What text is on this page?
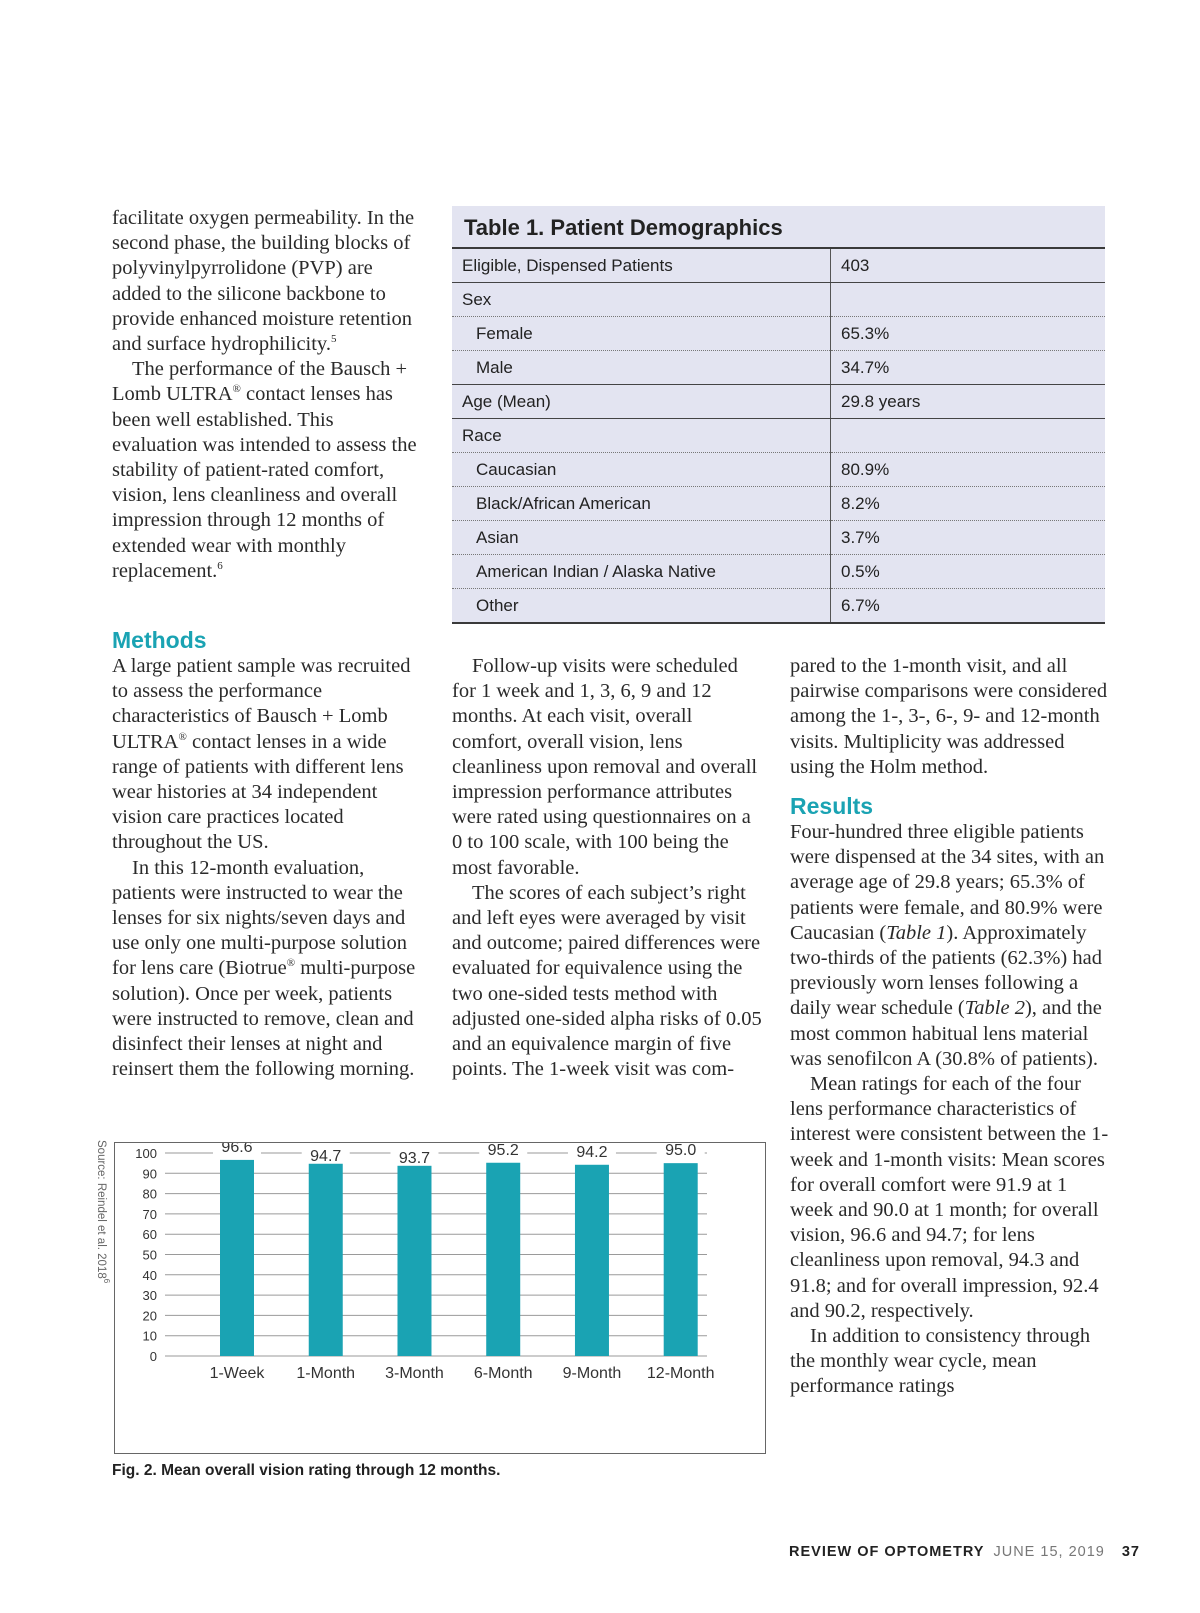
facilitate oxygen permeability. In the second phase, the building blocks of polyvinylpyrrolidone (PVP) are added to the silicone backbone to provide enhanced moisture retention and surface hydrophilicity.$^5$

The performance of the Bausch + Lomb ULTRA® contact lenses has been well established. This evaluation was intended to assess the stability of patient-rated comfort, vision, lens cleanliness and overall impression through 12 months of extended wear with monthly replacement.$^6$

Methods

A large patient sample was recruited to assess the performance characteristics of Bausch + Lomb ULTRA® contact lenses in a wide range of patients with different lens wear histories at 34 independent vision care practices located throughout the US.

In this 12-month evaluation, patients were instructed to wear the lenses for six nights/seven days and use only one multi-purpose solution for lens care (Biotrue® multi-purpose solution). Once per week, patients were instructed to remove, clean and disinfect their lenses at night and reinsert them the following morning.

Table 1. Patient Demographics
Eligible, Dispensed Patients	403
Sex	
Female	65.3%
Male	34.7%
Age (Mean)	29.8 years
Race	
Caucasian	80.9%
Black/African American	8.2%
Asian	3.7%
American Indian / Alaska Native	0.5%
Other	6.7%

Follow-up visits were scheduled for 1 week and 1, 3, 6, 9 and 12 months. At each visit, overall comfort, overall vision, lens cleanliness upon removal and overall impression performance attributes were rated using questionnaires on a 0 to 100 scale, with 100 being the most favorable.

The scores of each subject’s right and left eyes were averaged by visit and outcome; paired differences were evaluated for equivalence using the two one-sided tests method with adjusted one-sided alpha risks of 0.05 and an equivalence margin of five points. The 1-week visit was com-

pared to the 1-month visit, and all pairwise comparisons were considered among the 1-, 3-, 6-, 9- and 12-month visits. Multiplicity was addressed using the Holm method.

Results

Four-hundred three eligible patients were dispensed at the 34 sites, with an average age of 29.8 years; 65.3% of patients were female, and 80.9% were Caucasian (Table 1). Approximately two-thirds of the patients (62.3%) had previously worn lenses following a daily wear schedule (Table 2), and the most common habitual lens material was senofilcon A (30.8% of patients).

Mean ratings for each of the four lens performance characteristics of interest were consistent between the 1-week and 1-month visits: Mean scores for overall comfort were 91.9 at 1 week and 90.0 at 1 month; for overall vision, 96.6 and 94.7; for lens cleanliness upon removal, 94.3 and 91.8; and for overall impression, 92.4 and 90.2, respectively.

In addition to consistency through the monthly wear cycle, mean performance ratings

Source: Reindel et al. 2018$^6$
0
10
20
30
40
50
60
70
80
90
100	96.6
1-Week
94.7
1-Month
93.7
3-Month
95.2
6-Month
94.2
9-Month
95.0
12-Month
Fig. 2. Mean overall vision rating through 12 months.
REVIEW OF OPTOMETRY JUNE 15, 2019 37
